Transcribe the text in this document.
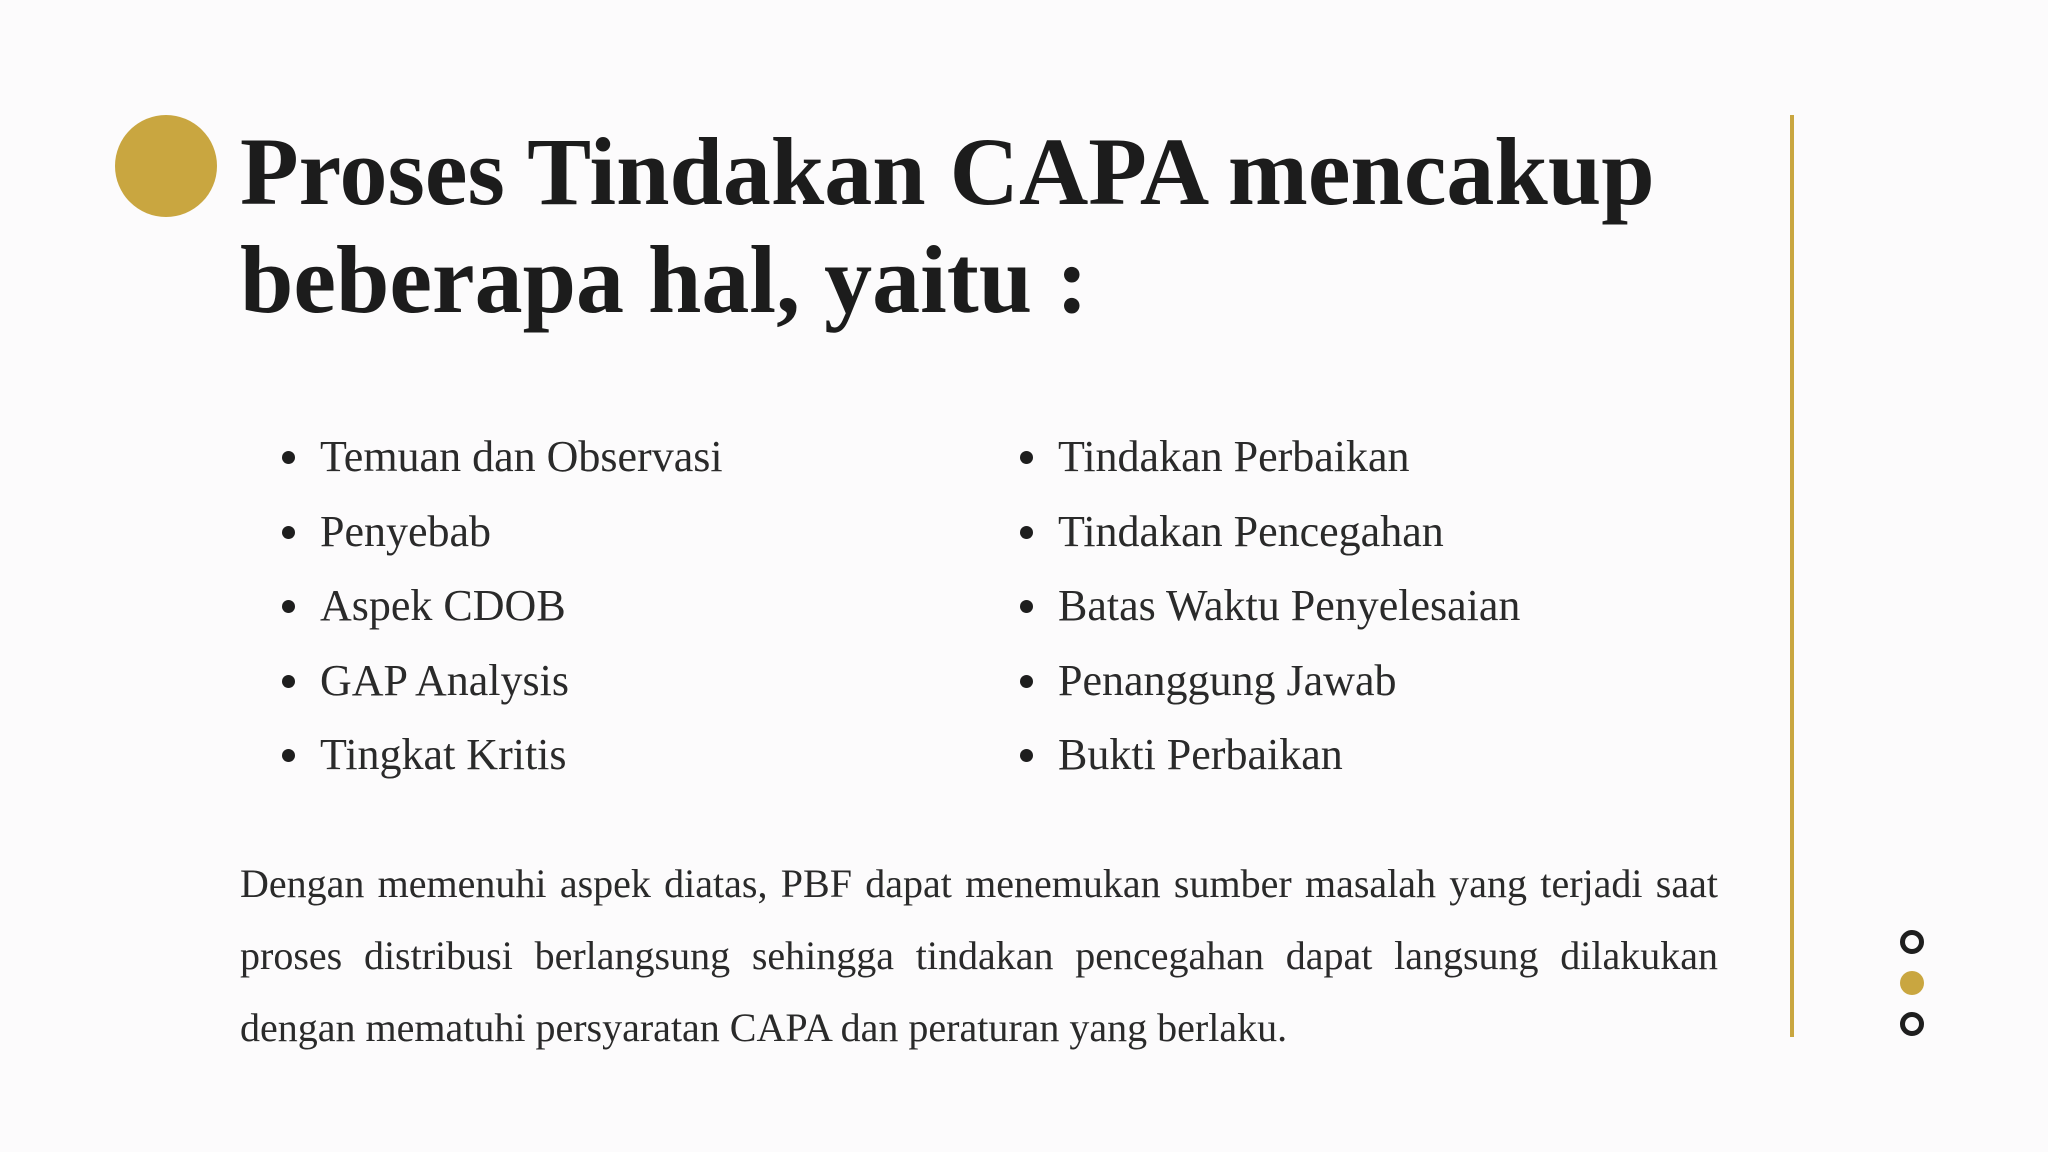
Proses Tindakan CAPA mencakup
beberapa hal, yaitu :
Temuan dan Observasi
Penyebab
Aspek CDOB
GAP Analysis
Tingkat Kritis
Tindakan Perbaikan
Tindakan Pencegahan
Batas Waktu Penyelesaian
Penanggung Jawab
Bukti Perbaikan

Dengan memenuhi aspek diatas, PBF dapat menemukan sumber masalah yang terjadi saat proses distribusi berlangsung sehingga tindakan pencegahan dapat langsung dilakukan dengan mematuhi persyaratan CAPA dan peraturan yang berlaku.
